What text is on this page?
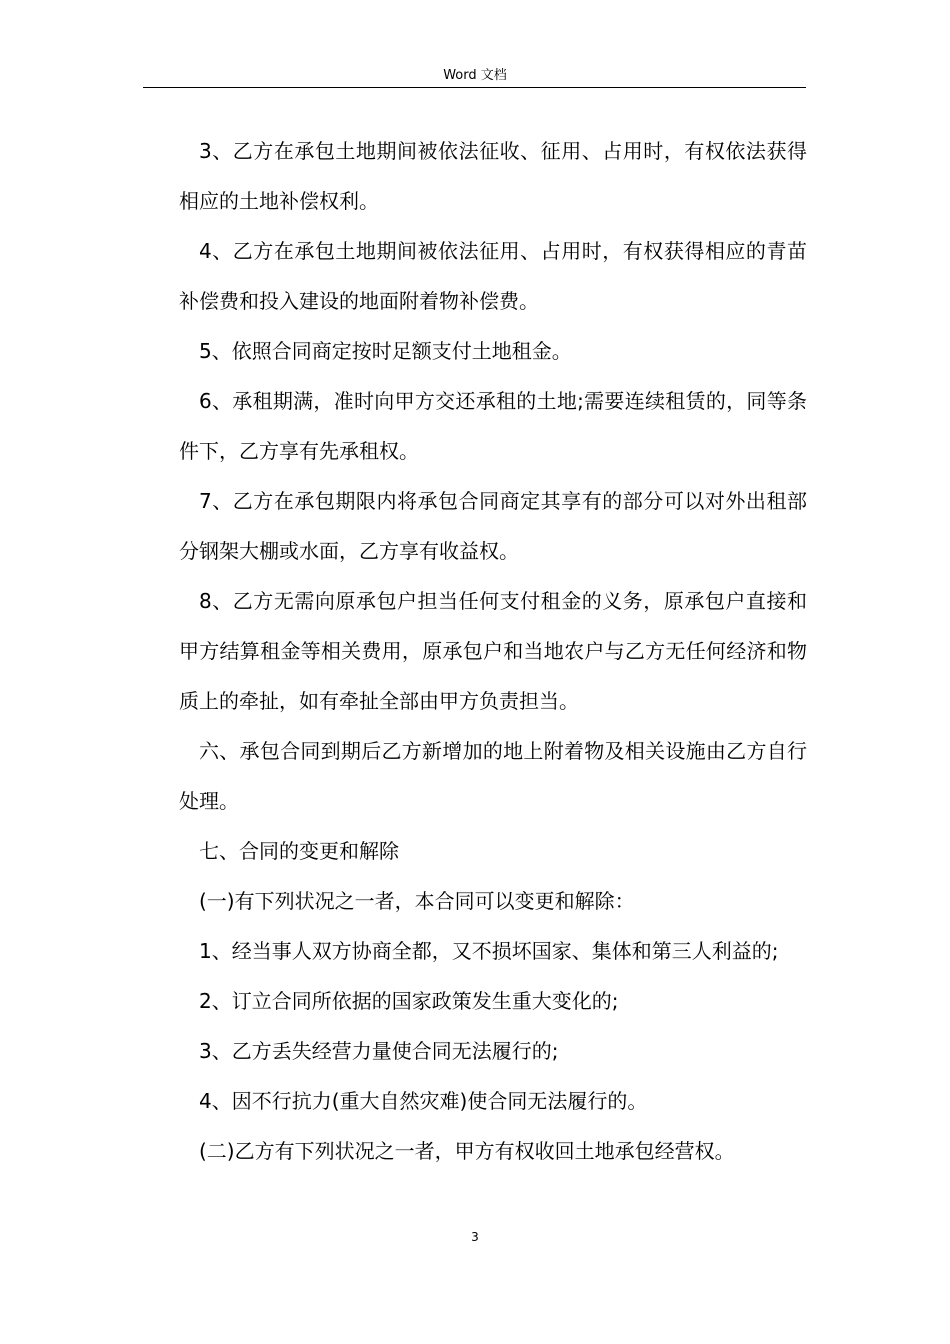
Word 文档

3、乙方在承包土地期间被依法征收、征用、占用时，有权依法获得相应的土地补偿权利。

4、乙方在承包土地期间被依法征用、占用时，有权获得相应的青苗补偿费和投入建设的地面附着物补偿费。

5、依照合同商定按时足额支付土地租金。

6、承租期满，准时向甲方交还承租的土地;需要连续租赁的，同等条件下，乙方享有先承租权。

7、乙方在承包期限内将承包合同商定其享有的部分可以对外出租部分钢架大棚或水面，乙方享有收益权。

8、乙方无需向原承包户担当任何支付租金的义务，原承包户直接和甲方结算租金等相关费用，原承包户和当地农户与乙方无任何经济和物质上的牵扯，如有牵扯全部由甲方负责担当。

六、承包合同到期后乙方新增加的地上附着物及相关设施由乙方自行处理。

七、合同的变更和解除

(一)有下列状况之一者，本合同可以变更和解除：

1、经当事人双方协商全都，又不损坏国家、集体和第三人利益的;

2、订立合同所依据的国家政策发生重大变化的;

3、乙方丢失经营力量使合同无法履行的;

4、因不行抗力(重大自然灾难)使合同无法履行的。

(二)乙方有下列状况之一者，甲方有权收回土地承包经营权。

3
